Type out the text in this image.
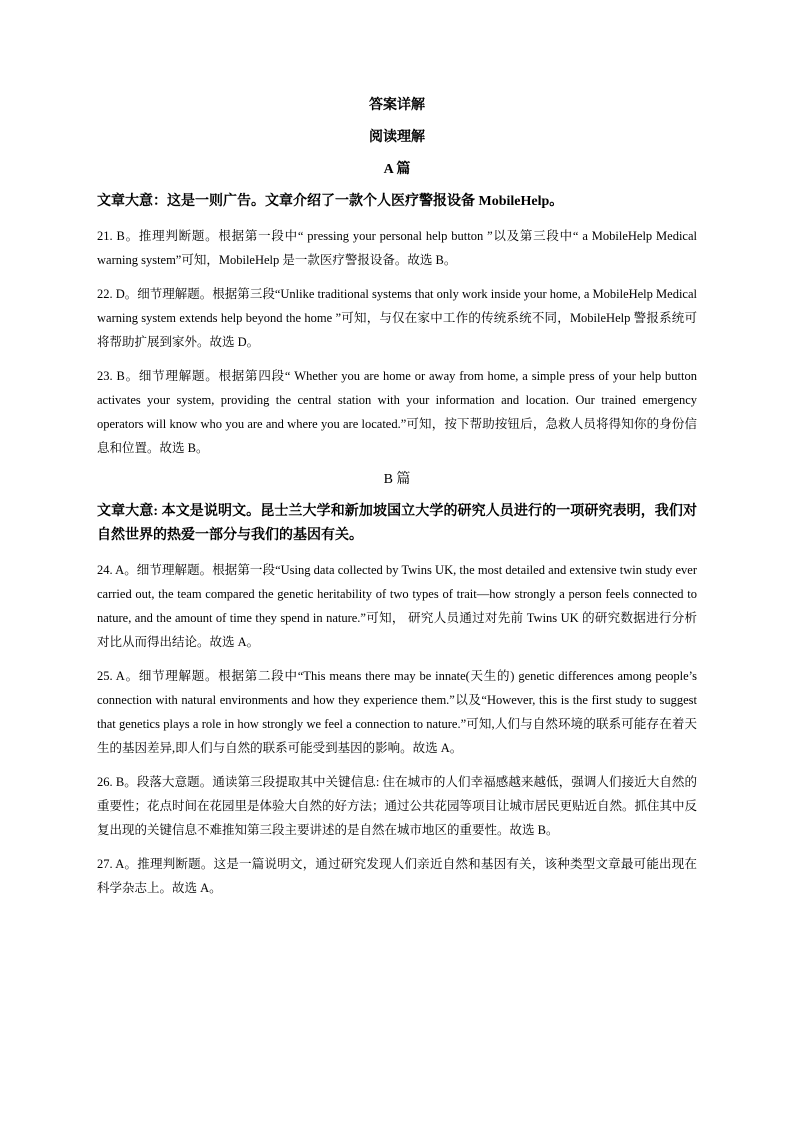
答案详解

阅读理解

A 篇

文章大意：这是一则广告。文章介绍了一款个人医疗警报设备 MobileHelp。

21. B。推理判断题。根据第一段中“ pressing your personal help button ”以及第三段中“ a MobileHelp Medical warning system”可知，MobileHelp 是一款医疗警报设备。故选 B。

22. D。细节理解题。根据第三段“Unlike traditional systems that only work inside your home, a MobileHelp Medical warning system extends help beyond the home ”可知，与仅在家中工作的传统系统不同，MobileHelp 警报系统可将帮助扩展到家外。故选 D。

23. B。细节理解题。根据第四段“ Whether you are home or away from home, a simple press of your help button activates your system, providing the central station with your information and location. Our trained emergency operators will know who you are and where you are located.”可知，按下帮助按钮后，急救人员将得知你的身份信息和位置。故选 B。

B 篇

文章大意: 本文是说明文。昆士兰大学和新加坡国立大学的研究人员进行的一项研究表明，我们对自然世界的热爱一部分与我们的基因有关。

24. A。细节理解题。根据第一段“Using data collected by Twins UK, the most detailed and extensive twin study ever carried out, the team compared the genetic heritability of two types of trait—how strongly a person feels connected to nature, and the amount of time they spend in nature.”可知， 研究人员通过对先前 Twins UK 的研究数据进行分析对比从而得出结论。故选 A。

25. A。细节理解题。根据第二段中“This means there may be innate(天生的) genetic differences among people’s connection with natural environments and how they experience them.”以及“However, this is the first study to suggest that genetics plays a role in how strongly we feel a connection to nature.”可知,人们与自然环境的联系可能存在着天生的基因差异,即人们与自然的联系可能受到基因的影响。故选 A。

26. B。段落大意题。通读第三段提取其中关键信息: 住在城市的人们幸福感越来越低，强调人们接近大自然的重要性；花点时间在花园里是体验大自然的好方法；通过公共花园等项目让城市居民更贴近自然。抓住其中反复出现的关键信息不难推知第三段主要讲述的是自然在城市地区的重要性。故选 B。

27. A。推理判断题。这是一篇说明文，通过研究发现人们亲近自然和基因有关，该种类型文章最可能出现在科学杂志上。故选 A。
